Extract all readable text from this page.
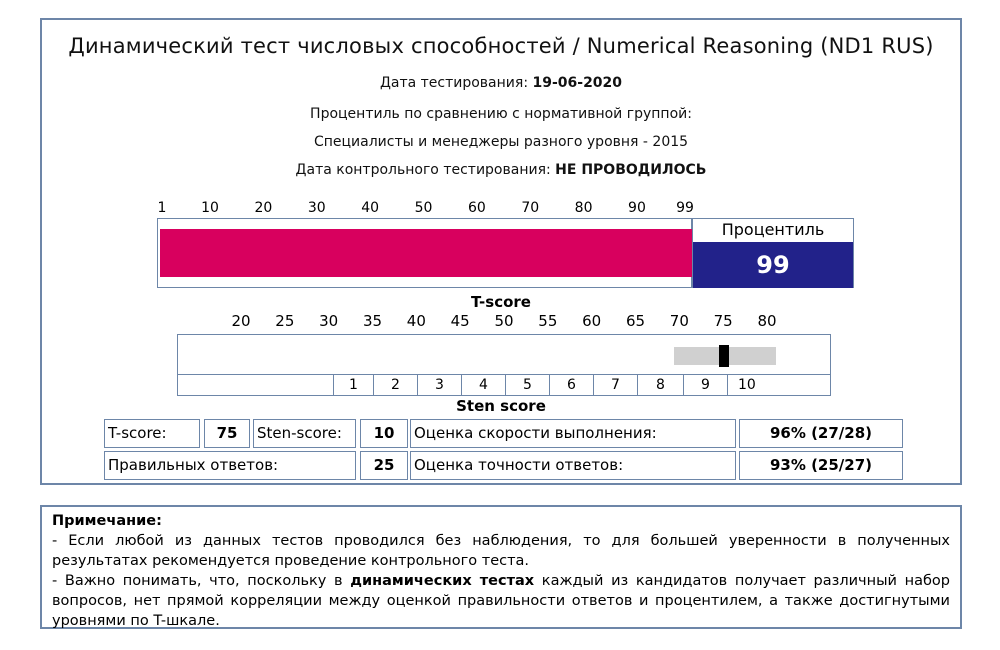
Динамический тест числовых способностей / Numerical Reasoning (ND1 RUS)
Дата тестирования: 19-06-2020
Процентиль по сравнению с нормативной группой:
Специалисты и менеджеры разного уровня - 2015
Дата контрольного тестирования: НЕ ПРОВОДИЛОСЬ
1 10	20	30	40	50	60	70	80	90 99
Процентиль
99
T-score
20 25 30 35 40 45 50 55 60 65 70 75 80
1	2	3	4	5	6	7	8	9	10
Sten score
T-score:	75	Sten-score:	10	Оценка скорости выполнения:	96% (27/28)
Правильных ответов:	25	Оценка точности ответов:	93% (25/27)
Примечание:
- Если любой из данных тестов проводился без наблюдения, то для большей уверенности в полученных результатах рекомендуется проведение контрольного теста.
- Важно понимать, что, поскольку в динамических тестах каждый из кандидатов получает различный набор вопросов, нет прямой корреляции между оценкой правильности ответов и процентилем, а также достигнутыми уровнями по T-шкале.
